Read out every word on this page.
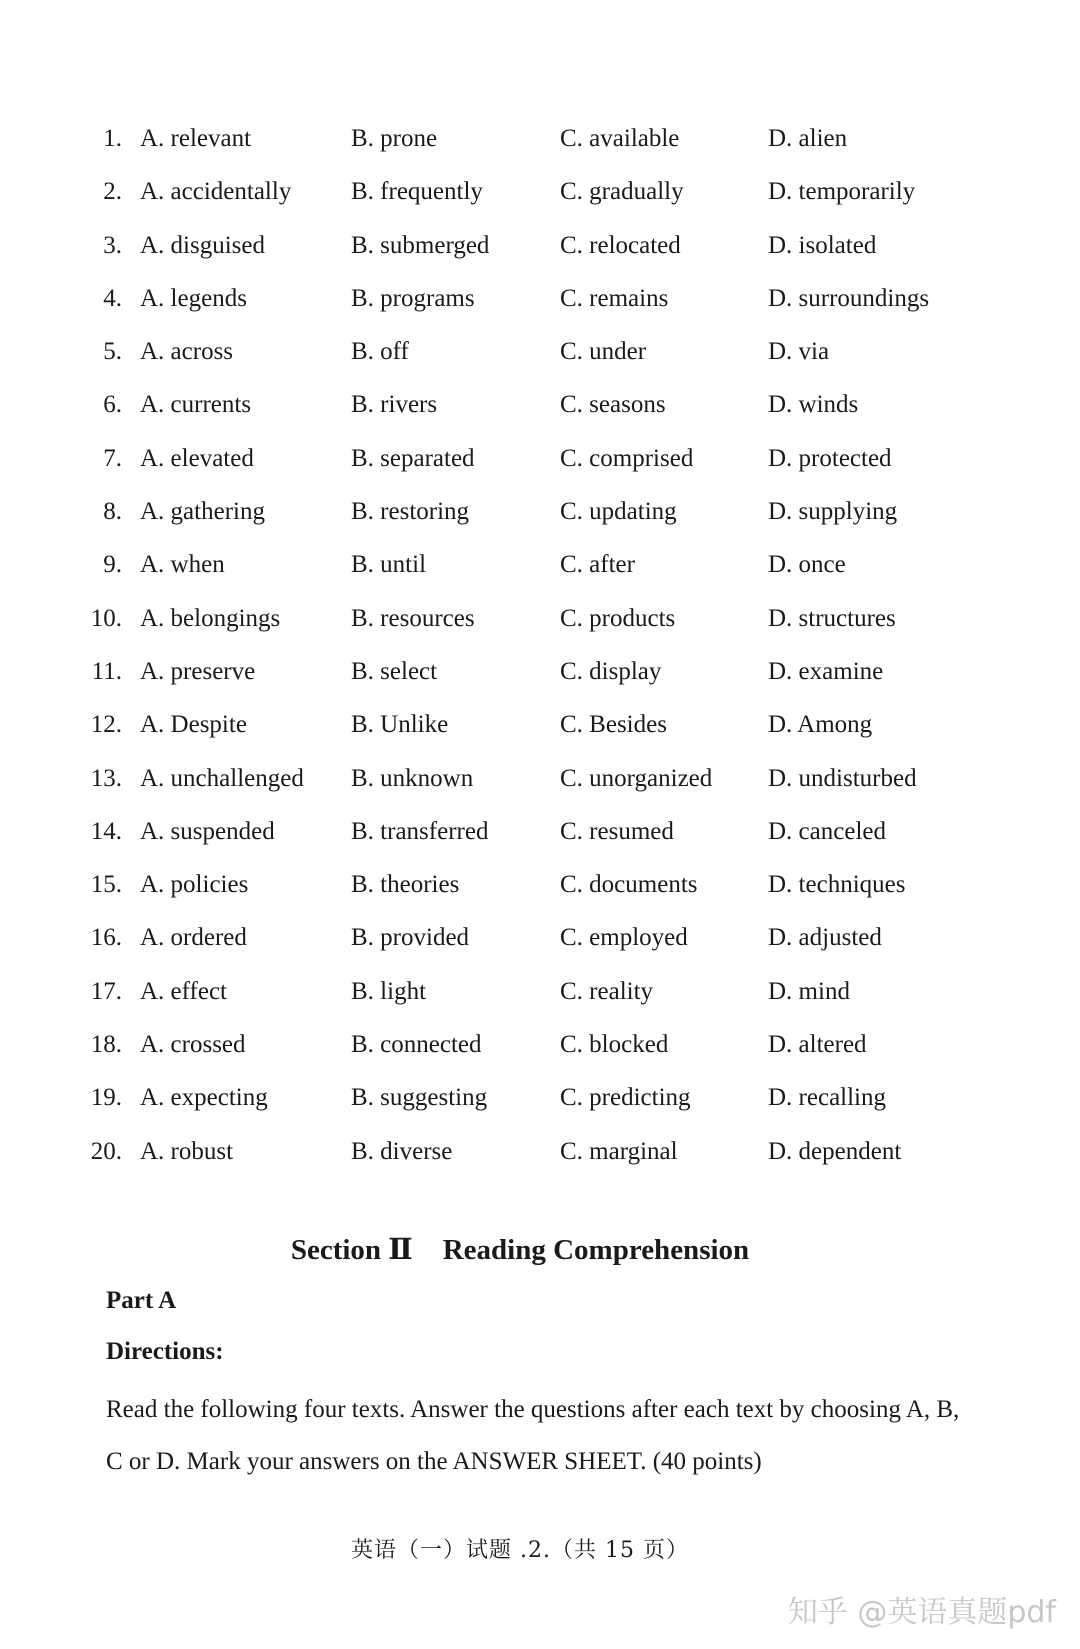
1. A. relevant	B. prone	C. available	D. alien
2. A. accidentally B. frequently	C. gradually	D. temporarily
3. A. disguised	B. submerged	C. relocated	D. isolated
4. A. legends	B. programs	C. remains	D. surroundings
5. A. across	B. off	C. under	D. via
6. A. currents	B. rivers	C. seasons	D. winds
7. A. elevated	B. separated	C. comprised	D. protected
8. A. gathering	B. restoring	C. updating	D. supplying
9. A. when	B. until	C. after	D. once
10. A. belongings	B. resources	C. products	D. structures
11. A. preserve	B. select	C. display	D. examine
12. A. Despite	B. Unlike	C. Besides	D. Among
13. A. unchallenged B. unknown	C. unorganized D. undisturbed
14. A. suspended	B. transferred	C. resumed	D. canceled
15. A. policies	B. theories	C. documents	D. techniques
16. A. ordered	B. provided	C. employed	D. adjusted
17. A. effect	B. light	C. reality	D. mind
18. A. crossed	B. connected	C. blocked	D. altered
19. A. expecting	B. suggesting	C. predicting	D. recalling
20. A. robust	B. diverse	C. marginal	D. dependent
Section Ⅱ Reading Comprehension
Part A
Directions:
Read the following four texts. Answer the questions after each text by choosing A, B, C or D. Mark your answers on the ANSWER SHEET. (40 points)
英语（一）试题 .2.（共 15 页）
知乎 @英语真题pdf
